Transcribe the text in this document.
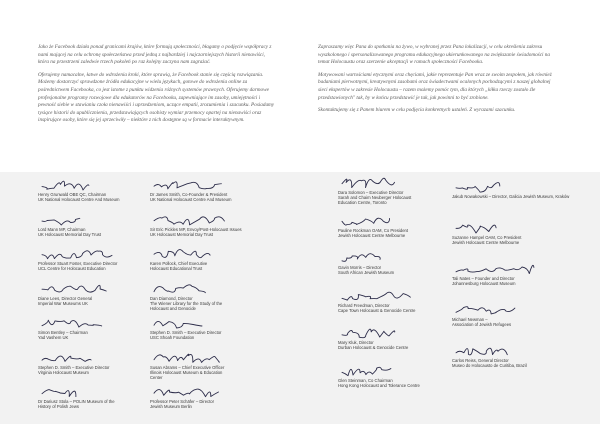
Jako że Facebook działa ponad granicami krajów, które formują społeczności, błagamy o podjęcie współpracy z nami mającej na celu ochronę społeczeństwa przed jedną z najbardziej i najczarniejszych historii nienawiści, która na przestrzeni zaledwie trzech pokoleń po raz kolejny zaczyna nam zagrażać.

Oferujemy namacalne, łatwe do wdrożenia kroki, które sprawią, że Facebook stanie się częścią rozwiązania. Możemy dostarczyć sprawdzone źródła edukacyjne w wielu językach, gotowe do wdrożenia online za pośrednictwem Facebooka, co jest istotne z punktu widzenia różnych systemów prawnych. Oferujemy darmowe profesjonalne programy rozwojowe dla edukatorów na Facebooku, zapewniające im zasoby, umiejętności i pewność siebie w stawianiu czoła nienawiści i uprzedzeniom, uczące empatii, zrozumienia i szacunku. Posiadamy tysiące historii do upublicznienia, przedstawiających osobisty wymiar przemocy opartej na nienawiści oraz inspirujące osoby, które się jej sprzeciwiły – niektóre z nich dostępne są w formacie interaktywnym.

Zapraszamy więc Pana do spotkania na żywo, w wybranej przez Pana lokalizacji, w celu określenia zakresu wyszkolonego i spersonalizowanego programu edukacyjnego ukierunkowanego na zwiększanie świadomości na temat Holocaustu oraz szerzenie akceptacji w ramach społeczności Facebooka.

Motywowani wartościami etycznymi oraz chęciami, jakie reprezentuje Pan wraz ze swoim zespołem, jak również badaniami pierwotnymi, kreatywnymi zasobami oraz świadectwami ocalonych pochodzącymi z naszej globalnej sieci ekspertów w zakresie Holocaustu – razem możemy pomóc tym, dla których „kiłka rzeczy zostało źle przedstawionych" tak, by w końcu przedstawić je tak, jak powinni to być zrobione.

Skontaktujemy się z Panem biurem w celu podjęcia konkretnych ustaleń. Z wyrazami szacunku.

Henry Grunwald OBE QC, Chairman
UK National Holocaust Centre And Museum
Lord Mann MP, Chairman
UK Holocaust Memorial Day Trust
Professor Stuart Foster, Executive Director
UCL Centre for Holocaust Education
Diane Lees, Director General
Imperial War Museums UK
Simon Bentley – Chairman
Yad Vashem UK
Stephen D. Smith – Executive Director
Virginia Holocaust Museum
Dr Dariusz Stola – POLIN Museum of the
History of Polish Jews
Dr James Smith, Co-Founder & President
UK National Holocaust Centre And Museum
Sir Eric Pickles MP, Envoy/Post-Holocaust Issues
UK Holocaust Memorial Day Trust
Karen Pollock, Chief Executive
Holocaust Educational Trust
Dan Diamond, Director
The Wiener Library for the Study of the
Holocaust and Genocide
Stephen D. Smith – Executive Director
USC Shoah Foundation
Susan Abrams – Chief Executive Officer
Illinois Holocaust Museum & Education
Center
Professor Peter Schäfer – Director
Jewish Museum Berlin
Dara Solomon – Executive Director
Sarah and Chaim Neuberger Holocaust
Education Centre, Toronto
Pauline Rockman OAM, Co President
Jewish Holocaust Centre Melbourne
Gavin Morris – Director
South African Jewish Museum
Richard Freedman, Director
Cape Town Holocaust & Genocide Centre
Mary Kluk, Director
Durban Holocaust & Genocide Centre
Glen Steinman, Co Chairman
Hong Kong Holocaust and Tolerance Centre
Jakub Nowakowski – Director, Galicia Jewish Museum, Kraków
Suzanne Hampel OAM, Co President
Jewish Holocaust Centre Melbourne
Tali Nates – Founder and Director
Johannesburg Holocaust Museum
Michael Newman –
Association of Jewish Refugees
Carlos Reiss, General Director
Museo do Holocausto de Curitiba, Brazil
